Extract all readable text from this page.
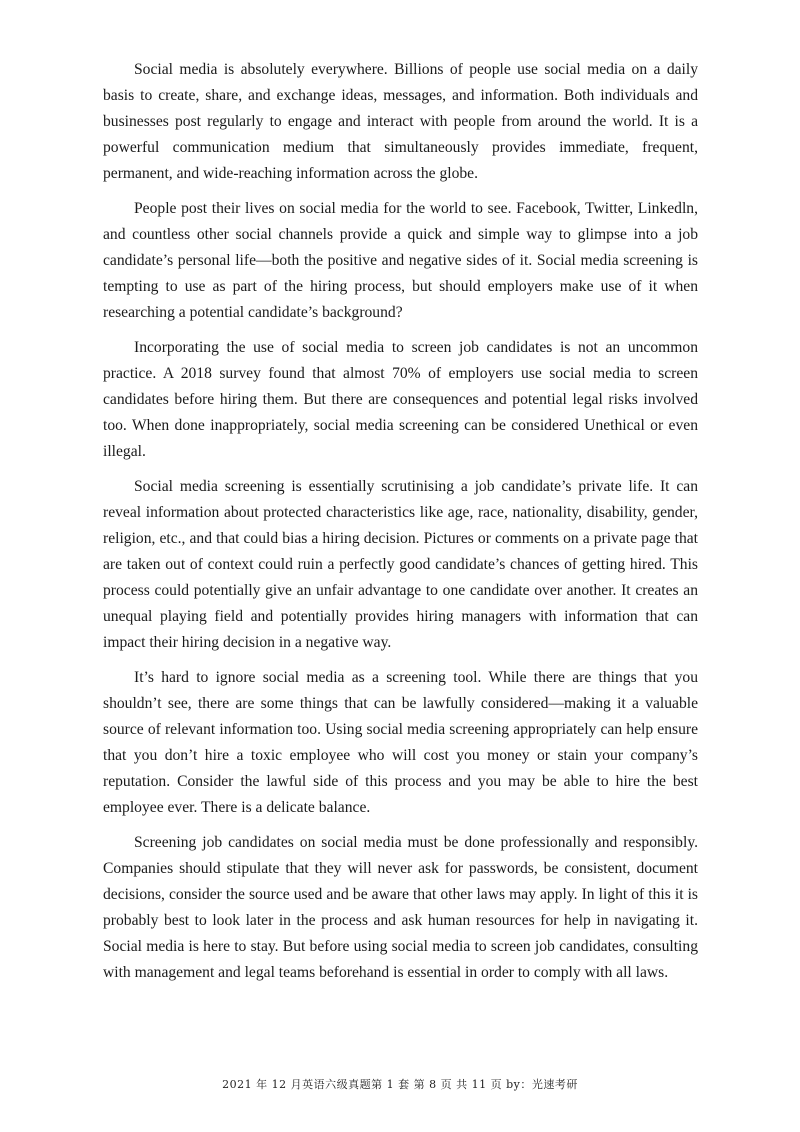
Social media is absolutely everywhere. Billions of people use social media on a daily basis to create, share, and exchange ideas, messages, and information. Both individuals and businesses post regularly to engage and interact with people from around the world. It is a powerful communication medium that simultaneously provides immediate, frequent, permanent, and wide-reaching information across the globe.

People post their lives on social media for the world to see. Facebook, Twitter, Linkedln, and countless other social channels provide a quick and simple way to glimpse into a job candidate’s personal life—both the positive and negative sides of it. Social media screening is tempting to use as part of the hiring process, but should employers make use of it when researching a potential candidate’s background?

Incorporating the use of social media to screen job candidates is not an uncommon practice. A 2018 survey found that almost 70% of employers use social media to screen candidates before hiring them. But there are consequences and potential legal risks involved too. When done inappropriately, social media screening can be considered Unethical or even illegal.

Social media screening is essentially scrutinising a job candidate’s private life. It can reveal information about protected characteristics like age, race, nationality, disability, gender, religion, etc., and that could bias a hiring decision. Pictures or comments on a private page that are taken out of context could ruin a perfectly good candidate’s chances of getting hired. This process could potentially give an unfair advantage to one candidate over another. It creates an unequal playing field and potentially provides hiring managers with information that can impact their hiring decision in a negative way.

It’s hard to ignore social media as a screening tool. While there are things that you shouldn’t see, there are some things that can be lawfully considered—making it a valuable source of relevant information too. Using social media screening appropriately can help ensure that you don’t hire a toxic employee who will cost you money or stain your company’s reputation. Consider the lawful side of this process and you may be able to hire the best employee ever. There is a delicate balance.

Screening job candidates on social media must be done professionally and responsibly. Companies should stipulate that they will never ask for passwords, be consistent, document decisions, consider the source used and be aware that other laws may apply. In light of this it is probably best to look later in the process and ask human resources for help in navigating it. Social media is here to stay. But before using social media to screen job candidates, consulting with management and legal teams beforehand is essential in order to comply with all laws.

2021 年 12 月英语六级真题第 1 套 第 8 页 共 11 页 by：光速考研
